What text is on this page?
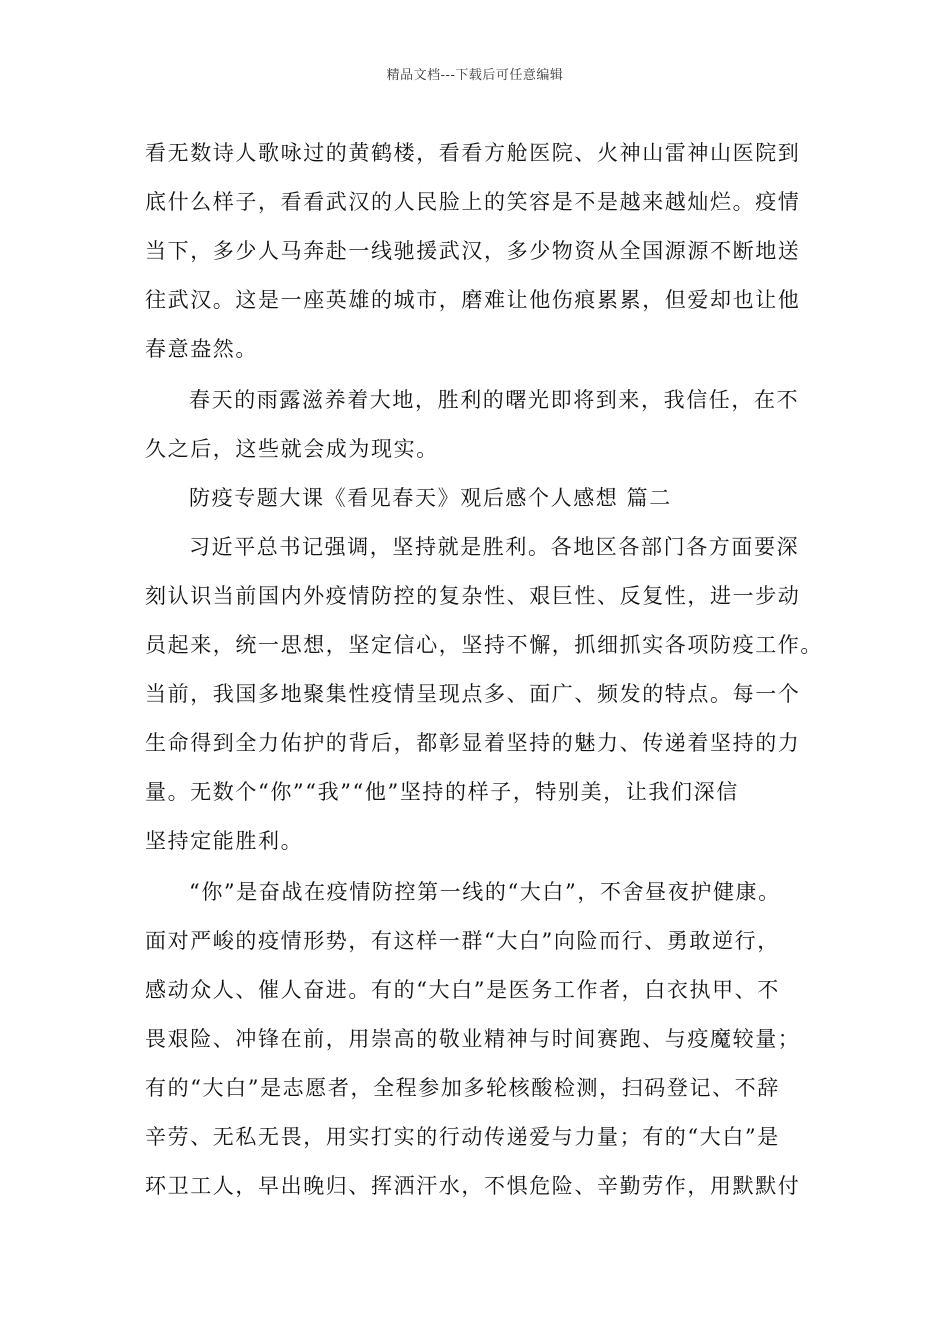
精品文档---下载后可任意编辑
看无数诗人歌咏过的黄鹤楼，看看方舱医院、火神山雷神山医院到
底什么样子，看看武汉的人民脸上的笑容是不是越来越灿烂。疫情
当下，多少人马奔赴一线驰援武汉，多少物资从全国源源不断地送
往武汉。这是一座英雄的城市，磨难让他伤痕累累，但爱却也让他
春意盎然。
春天的雨露滋养着大地，胜利的曙光即将到来，我信任，在不
久之后，这些就会成为现实。
防疫专题大课《看见春天》观后感个人感想 篇二
习近平总书记强调，坚持就是胜利。各地区各部门各方面要深
刻认识当前国内外疫情防控的复杂性、艰巨性、反复性，进一步动
员起来，统一思想，坚定信心，坚持不懈，抓细抓实各项防疫工作。
当前，我国多地聚集性疫情呈现点多、面广、频发的特点。每一个
生命得到全力佑护的背后，都彰显着坚持的魅力、传递着坚持的力
量。无数个“你”“我”“他”坚持的样子，特别美，让我们深信
坚持定能胜利。
“你”是奋战在疫情防控第一线的“大白”，不舍昼夜护健康。
面对严峻的疫情形势，有这样一群“大白”向险而行、勇敢逆行，
感动众人、催人奋进。有的“大白”是医务工作者，白衣执甲、不
畏艰险、冲锋在前，用崇高的敬业精神与时间赛跑、与疫魔较量；
有的“大白”是志愿者，全程参加多轮核酸检测，扫码登记、不辞
辛劳、无私无畏，用实打实的行动传递爱与力量；有的“大白”是
环卫工人，早出晚归、挥洒汗水，不惧危险、辛勤劳作，用默默付
